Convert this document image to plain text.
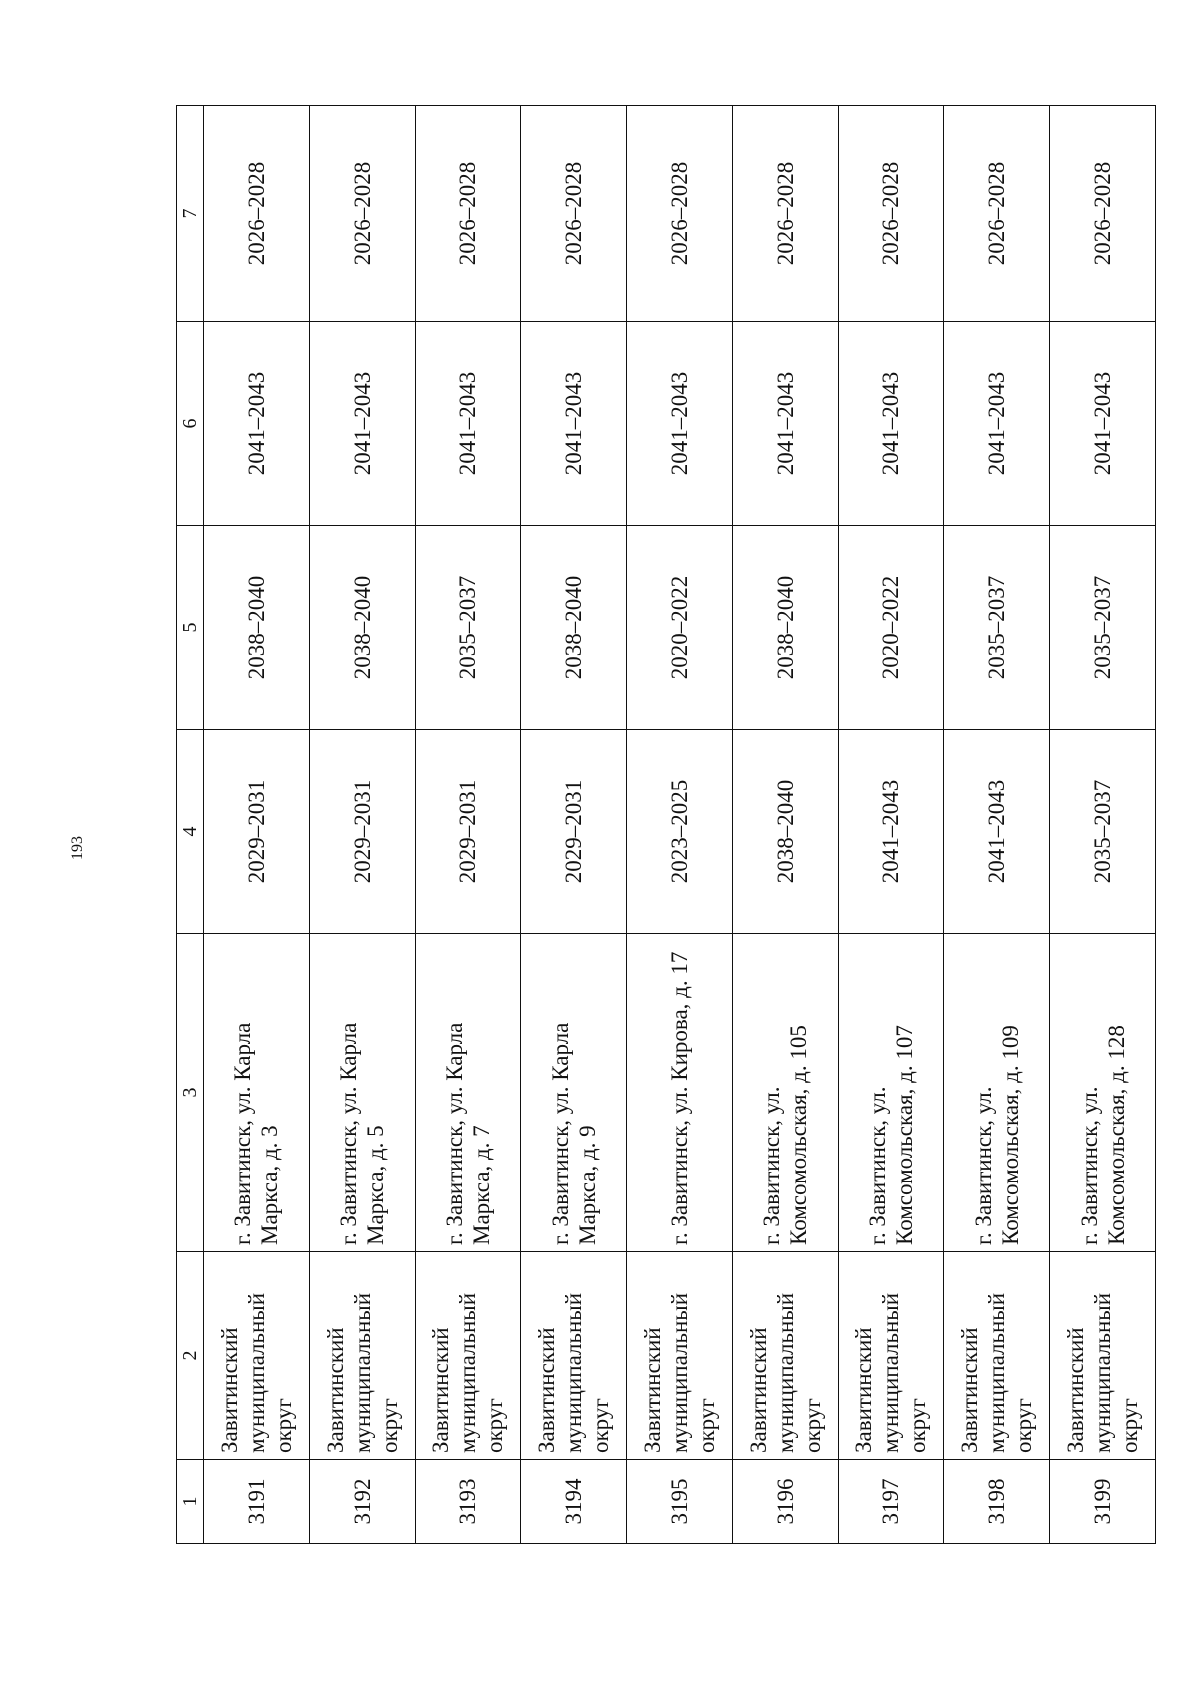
193
1	2	3	4	5	6	7
3191	Завитинский муниципальный округ	г. Завитинск, ул. Карла Маркса, д. 3	2029–2031	2038–2040	2041–2043	2026–2028
3192	Завитинский муниципальный округ	г. Завитинск, ул. Карла Маркса, д. 5	2029–2031	2038–2040	2041–2043	2026–2028
3193	Завитинский муниципальный округ	г. Завитинск, ул. Карла Маркса, д. 7	2029–2031	2035–2037	2041–2043	2026–2028
3194	Завитинский муниципальный округ	г. Завитинск, ул. Карла Маркса, д. 9	2029–2031	2038–2040	2041–2043	2026–2028
3195	Завитинский муниципальный округ	г. Завитинск, ул. Кирова, д. 17	2023–2025	2020–2022	2041–2043	2026–2028
3196	Завитинский муниципальный округ	г. Завитинск, ул. Комсомольская, д. 105	2038–2040	2038–2040	2041–2043	2026–2028
3197	Завитинский муниципальный округ	г. Завитинск, ул. Комсомольская, д. 107	2041–2043	2020–2022	2041–2043	2026–2028
3198	Завитинский муниципальный округ	г. Завитинск, ул. Комсомольская, д. 109	2041–2043	2035–2037	2041–2043	2026–2028
3199	Завитинский муниципальный округ	г. Завитинск, ул. Комсомольская, д. 128	2035–2037	2035–2037	2041–2043	2026–2028
